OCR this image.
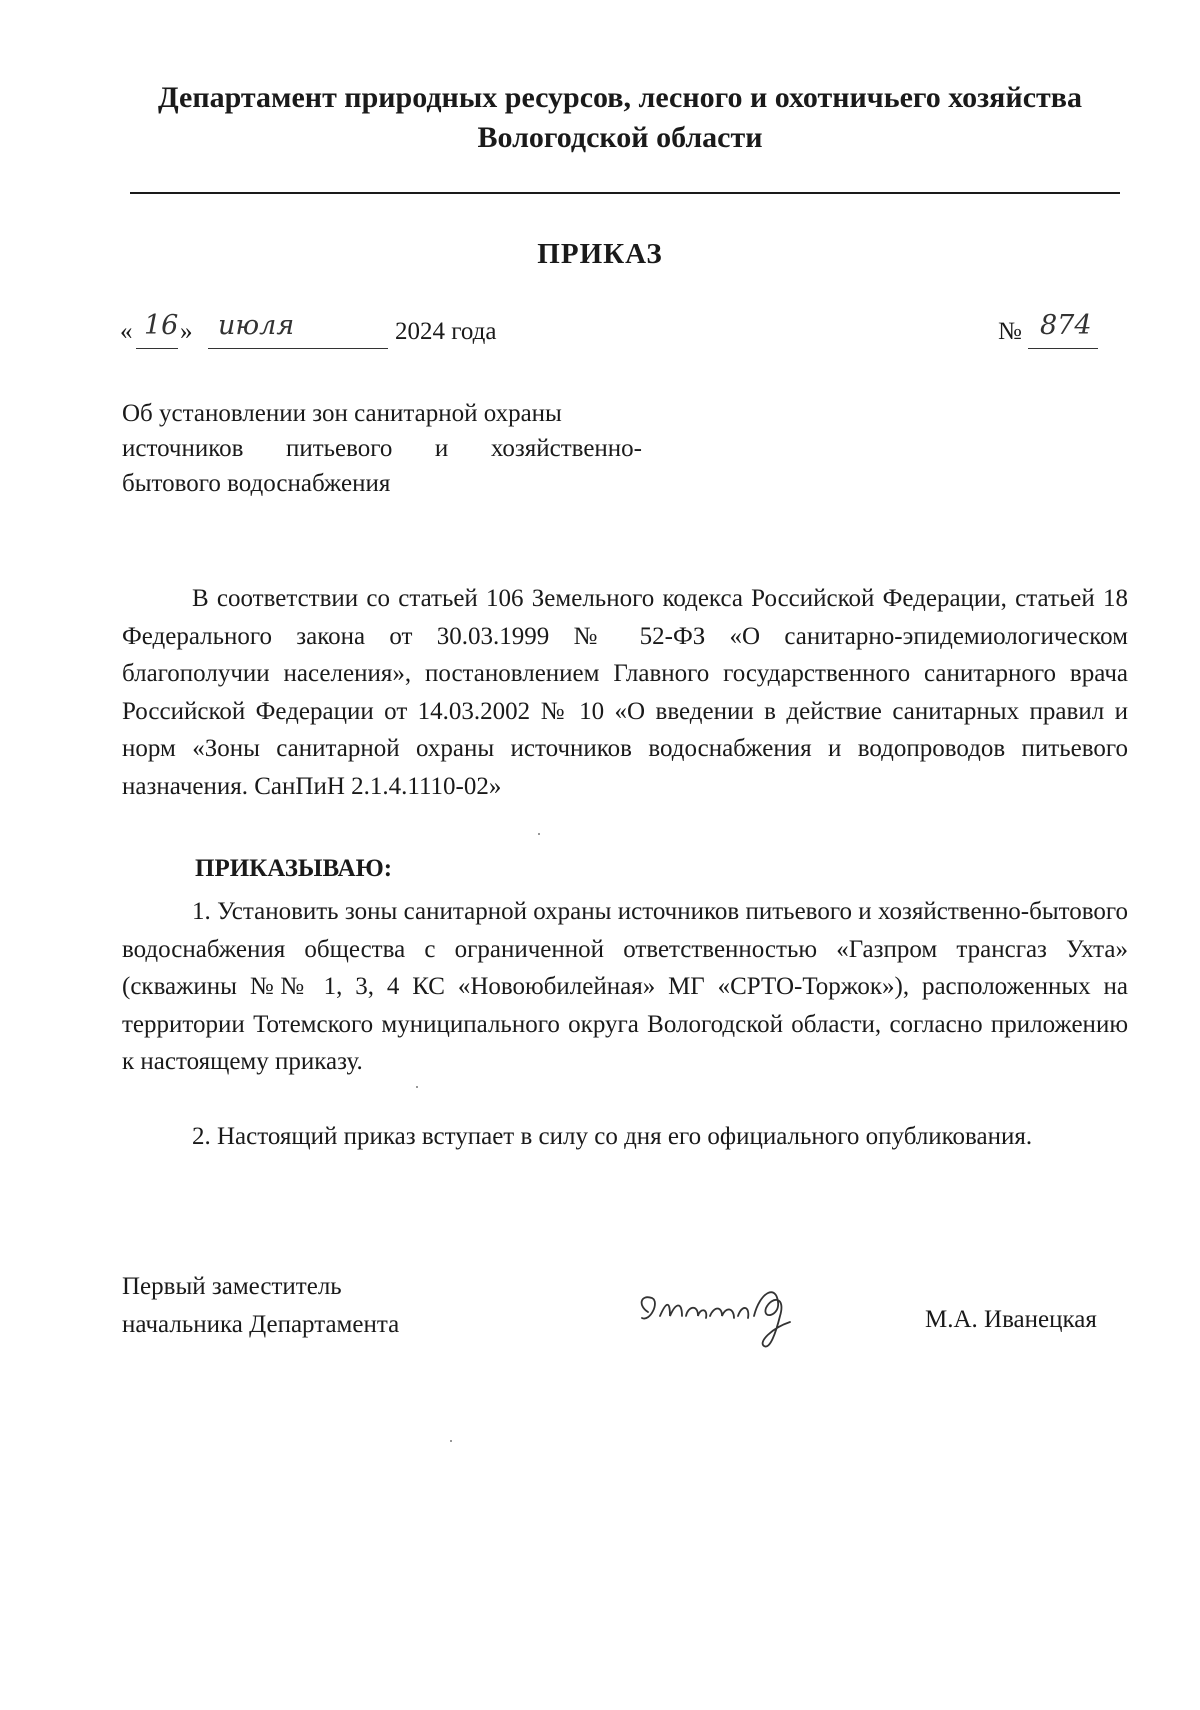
Департамент природных ресурсов, лесного и охотничьего хозяйства
Вологодской области
ПРИКАЗ
« 16 » июля	2024 года	№ 874
Об установлении зон санитарной охраны
источников питьевого и хозяйственно-
бытового водоснабжения
В соответствии со статьей 106 Земельного кодекса Российской Федерации, статьей 18 Федерального закона от 30.03.1999 № 52-ФЗ «О санитарно-эпидемиологическом благополучии населения», постановлением Главного государственного санитарного врача Российской Федерации от 14.03.2002 № 10 «О введении в действие санитарных правил и норм «Зоны санитарной охраны источников водоснабжения и водопроводов питьевого назначения. СанПиН 2.1.4.1110-02»
ПРИКАЗЫВАЮ:
1. Установить зоны санитарной охраны источников питьевого и хозяйственно-бытового водоснабжения общества с ограниченной ответственностью «Газпром трансгаз Ухта» (скважины №№ 1, 3, 4 КС «Новоюбилейная» МГ «СРТО-Торжок»), расположенных на территории Тотемского муниципального округа Вологодской области, согласно приложению к настоящему приказу.
2. Настоящий приказ вступает в силу со дня его официального опубликования.
Первый заместитель
начальника Департамента	М.А. Иванецкая
